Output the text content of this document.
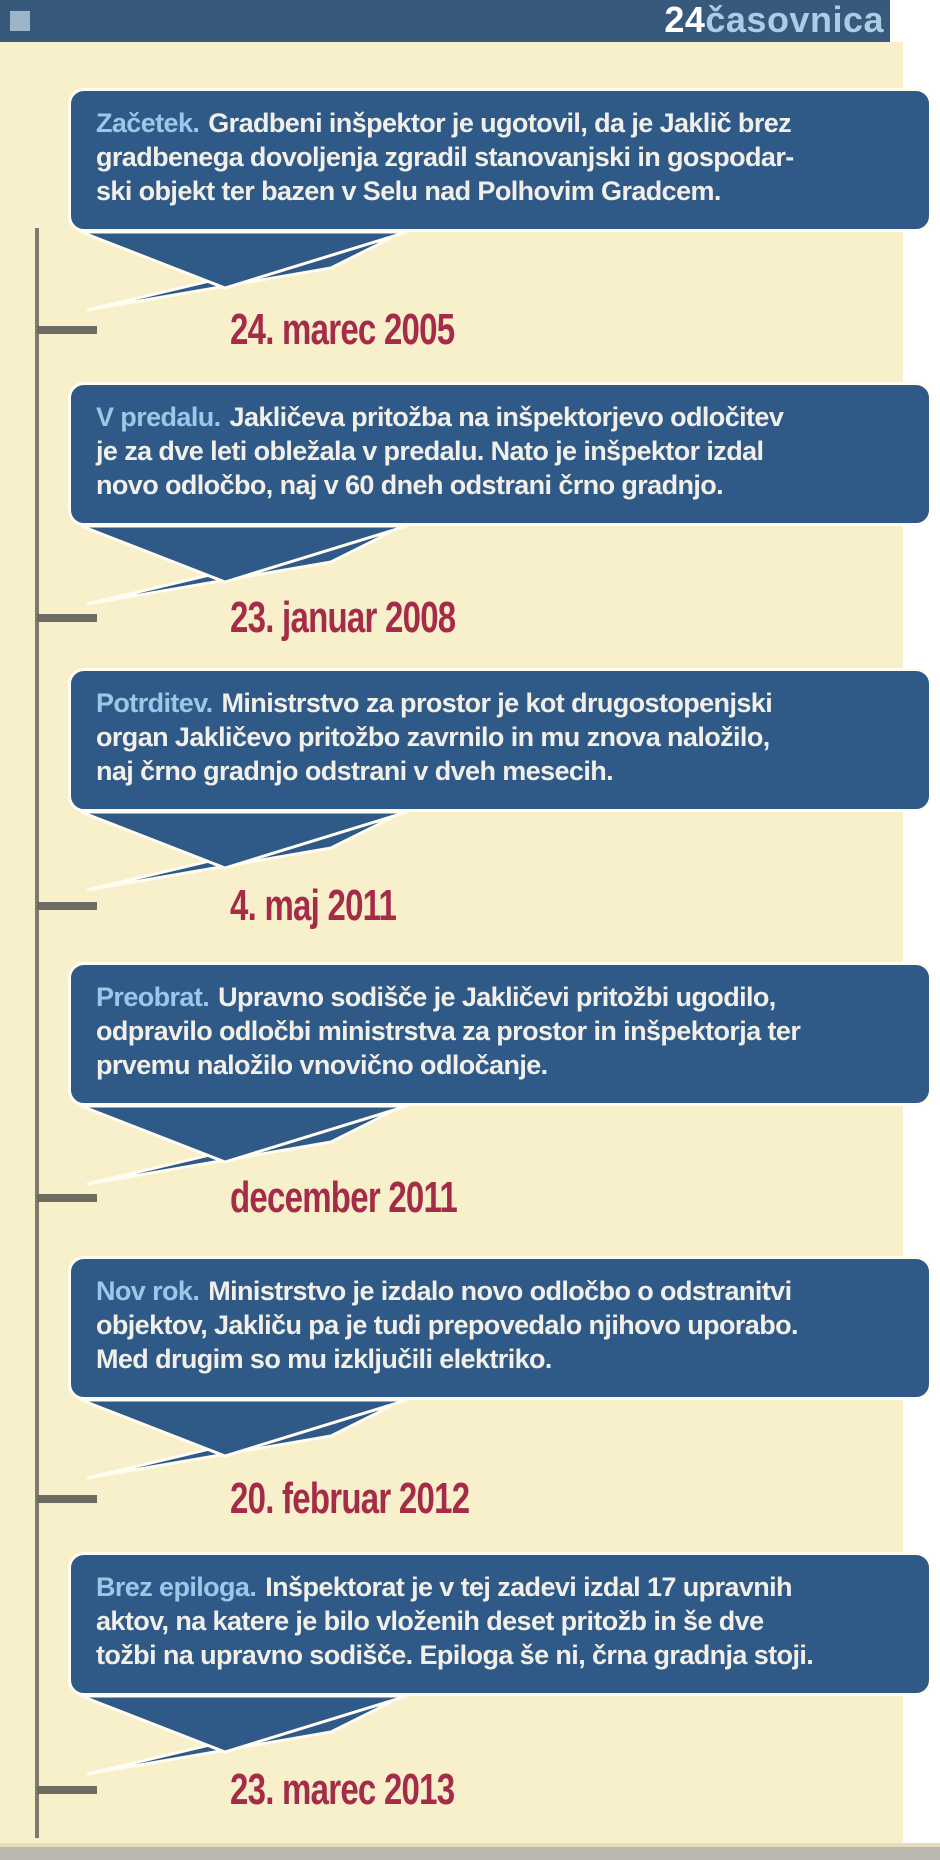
24časovnica
Začetek. Gradbeni inšpektor je ugotovil, da je Jaklič brez
gradbenega dovoljenja zgradil stanovanjski in gospodar-
ski objekt ter bazen v Selu nad Polhovim Gradcem.
24. marec 2005
V predalu. Jakličeva pritožba na inšpektorjevo odločitev
je za dve leti obležala v predalu. Nato je inšpektor izdal
novo odločbo, naj v 60 dneh odstrani črno gradnjo.
23. januar 2008
Potrditev. Ministrstvo za prostor je kot drugostopenjski
organ Jakličevo pritožbo zavrnilo in mu znova naložilo,
naj črno gradnjo odstrani v dveh mesecih.
4. maj 2011
Preobrat. Upravno sodišče je Jakličevi pritožbi ugodilo,
odpravilo odločbi ministrstva za prostor in inšpektorja ter
prvemu naložilo vnovično odločanje.
december 2011
Nov rok. Ministrstvo je izdalo novo odločbo o odstranitvi
objektov, Jakliču pa je tudi prepovedalo njihovo uporabo.
Med drugim so mu izključili elektriko.
20. februar 2012
Brez epiloga. Inšpektorat je v tej zadevi izdal 17 upravnih
aktov, na katere je bilo vloženih deset pritožb in še dve
tožbi na upravno sodišče. Epiloga še ni, črna gradnja stoji.
23. marec 2013
